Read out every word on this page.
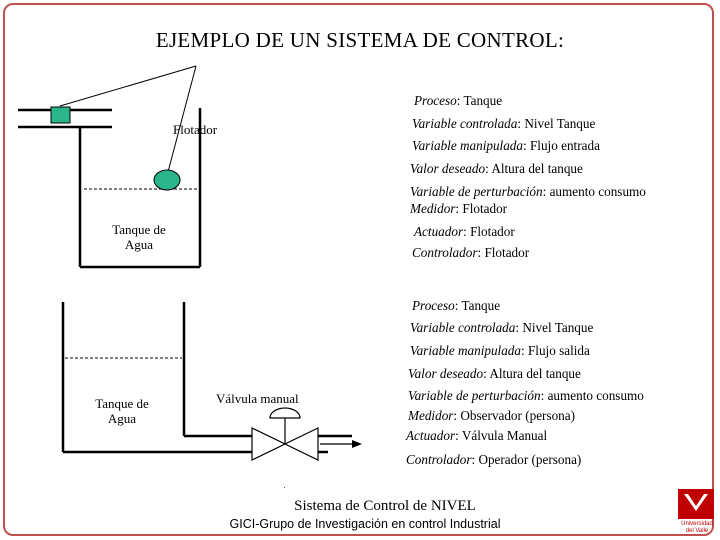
EJEMPLO DE UN SISTEMA DE CONTROL:
·
Flotador
Tanque de
Agua
Proceso: Tanque
Variable controlada: Nivel Tanque
Variable manipulada: Flujo entrada
Valor deseado: Altura del tanque
Variable de perturbación: aumento consumo
Medidor: Flotador
Actuador: Flotador
Controlador: Flotador
Válvula manual
Tanque de
Agua
Proceso: Tanque
Variable controlada: Nivel Tanque
Variable manipulada: Flujo salida
Valor deseado: Altura del tanque
Variable de perturbación: aumento consumo
Medidor: Observador (persona)
Actuador: Válvula Manual
Controlador: Operador (persona)
Sistema de Control de NIVEL
GICI-Grupo de Investigación en control Industrial	Universidad
del Valle
